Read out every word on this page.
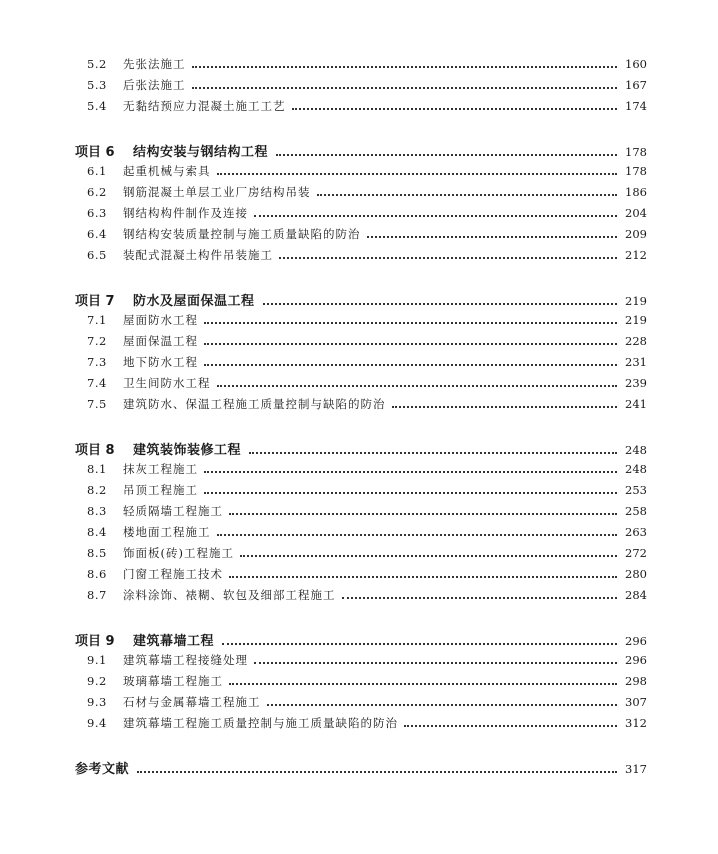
5.2	先张法施工	160
5.3	后张法施工	167
5.4	无黏结预应力混凝土施工工艺	174
项目 6	结构安装与钢结构工程	178
6.1	起重机械与索具	178
6.2	钢筋混凝土单层工业厂房结构吊装	186
6.3	钢结构构件制作及连接	204
6.4	钢结构安装质量控制与施工质量缺陷的防治	209
6.5	装配式混凝土构件吊装施工	212
项目 7	防水及屋面保温工程	219
7.1	屋面防水工程	219
7.2	屋面保温工程	228
7.3	地下防水工程	231
7.4	卫生间防水工程	239
7.5	建筑防水、保温工程施工质量控制与缺陷的防治	241
项目 8	建筑装饰装修工程	248
8.1	抹灰工程施工	248
8.2	吊顶工程施工	253
8.3	轻质隔墙工程施工	258
8.4	楼地面工程施工	263
8.5	饰面板(砖)工程施工	272
8.6	门窗工程施工技术	280
8.7	涂料涂饰、裱糊、软包及细部工程施工	284
项目 9	建筑幕墙工程	296
9.1	建筑幕墙工程接缝处理	296
9.2	玻璃幕墙工程施工	298
9.3	石材与金属幕墙工程施工	307
9.4	建筑幕墙工程施工质量控制与施工质量缺陷的防治	312
参考文献	317
